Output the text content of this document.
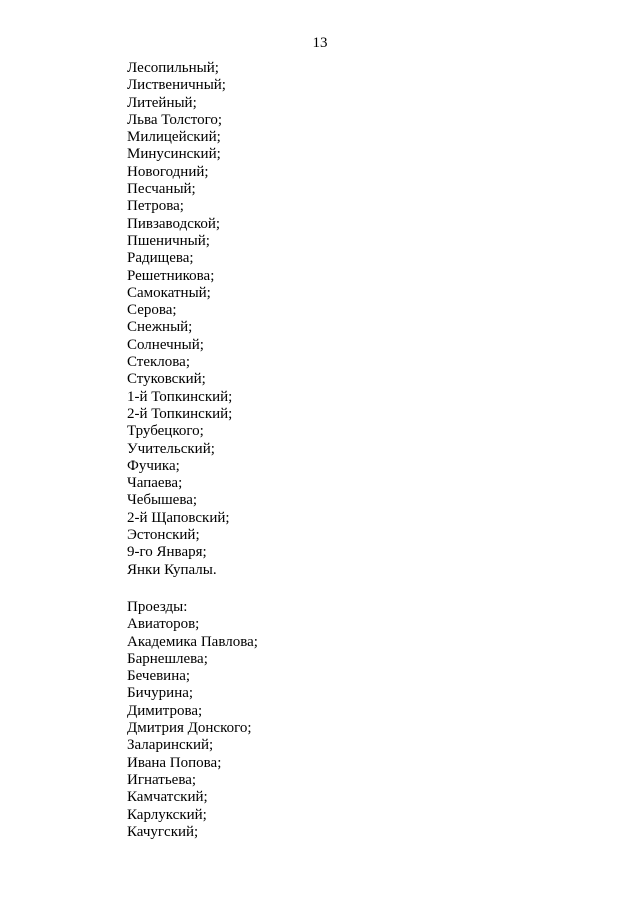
13
Лесопильный;
Лиственичный;
Литейный;
Льва Толстого;
Милицейский;
Минусинский;
Новогодний;
Песчаный;
Петрова;
Пивзаводской;
Пшеничный;
Радищева;
Решетникова;
Самокатный;
Серова;
Снежный;
Солнечный;
Стеклова;
Стуковский;
1-й Топкинский;
2-й Топкинский;
Трубецкого;
Учительский;
Фучика;
Чапаева;
Чебышева;
2-й Щаповский;
Эстонский;
9-го Января;
Янки Купалы.

Проезды:

Авиаторов;
Академика Павлова;
Барнешлева;
Бечевина;
Бичурина;
Димитрова;
Дмитрия Донского;
Заларинский;
Ивана Попова;
Игнатьева;
Камчатский;
Карлукский;
Качугский;
